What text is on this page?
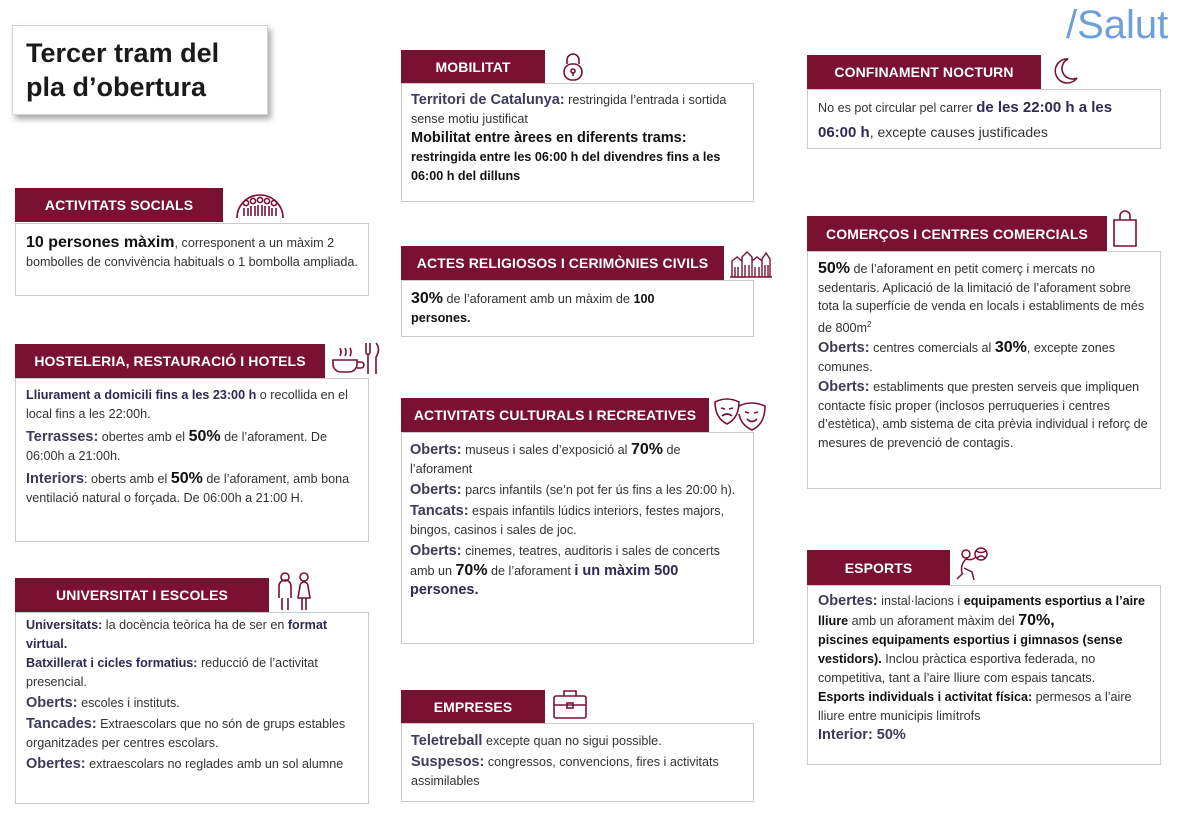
Tercer tram del
pla d’obertura
/Salut
ACTIVITATS SOCIALS

10 persones màxim, corresponent a un màxim 2 bombolles de convivència habituals o 1 bombolla ampliada.

HOSTELERIA, RESTAURACIÓ I HOTELS

Lliurament a domicili fins a les 23:00 h o recollida en el local fins a les 22:00h.

Terrasses: obertes amb el 50% de l’aforament. De 06:00h a 21:00h.

Interiors: oberts amb el 50% de l’aforament, amb bona ventilació natural o forçada. De 06:00h a 21:00 H.

UNIVERSITAT I ESCOLES

Universitats: la docència teòrica ha de ser en format virtual.

Batxillerat i cicles formatius: reducció de l’activitat presencial.

Oberts: escoles i instituts.

Tancades: Extraescolars que no són de grups estables organitzades per centres escolars.

Obertes: extraescolars no reglades amb un sol alumne

MOBILITAT

Territori de Catalunya: restringida l’entrada i sortida sense motiu justificat

Mobilitat entre àrees en diferents trams:

restringida entre les 06:00 h del divendres fins a les 06:00 h del dilluns

ACTES RELIGIOSOS I CERIMÒNIES CIVILS

30% de l’aforament amb un màxim de 100

persones.

ACTIVITATS CULTURALS I RECREATIVES

Oberts: museus i sales d’exposició al 70% de l’aforament

Oberts: parcs infantils (se’n pot fer ús fins a les 20:00 h).

Tancats: espais infantils lúdics interiors, festes majors, bingos, casinos i sales de joc.

Oberts: cinemes, teatres, auditoris i sales de concerts amb un 70% de l’aforament i un màxim 500 persones.

EMPRESES

Teletreball excepte quan no sigui possible.

Suspesos: congressos, convencions, fires i activitats assimilables

CONFINAMENT NOCTURN

No es pot circular pel carrer de les 22:00 h a les 06:00 h, excepte causes justificades

COMERÇOS I CENTRES COMERCIALS

50% de l’aforament en petit comerç i mercats no sedentaris. Aplicació de la limitació de l’aforament sobre tota la superfície de venda en locals i establiments de més de $800m^2$

Oberts: centres comercials al 30%, excepte zones comunes.

Oberts: establiments que presten serveis que impliquen contacte físic proper (inclosos perruqueries i centres d’estètica), amb sistema de cita prèvia individual i reforç de mesures de prevenció de contagis.

ESPORTS

Obertes: instal·lacions i equipaments esportius a l’aire lliure amb un aforament màxim del 70%,

piscines equipaments esportius i gimnasos (sense vestidors). Inclou pràctica esportiva federada, no competitiva, tant a l’aire lliure com espais tancats.

Esports individuals i activitat física: permesos a l’aire lliure entre municipis limítrofs

Interior: 50%
